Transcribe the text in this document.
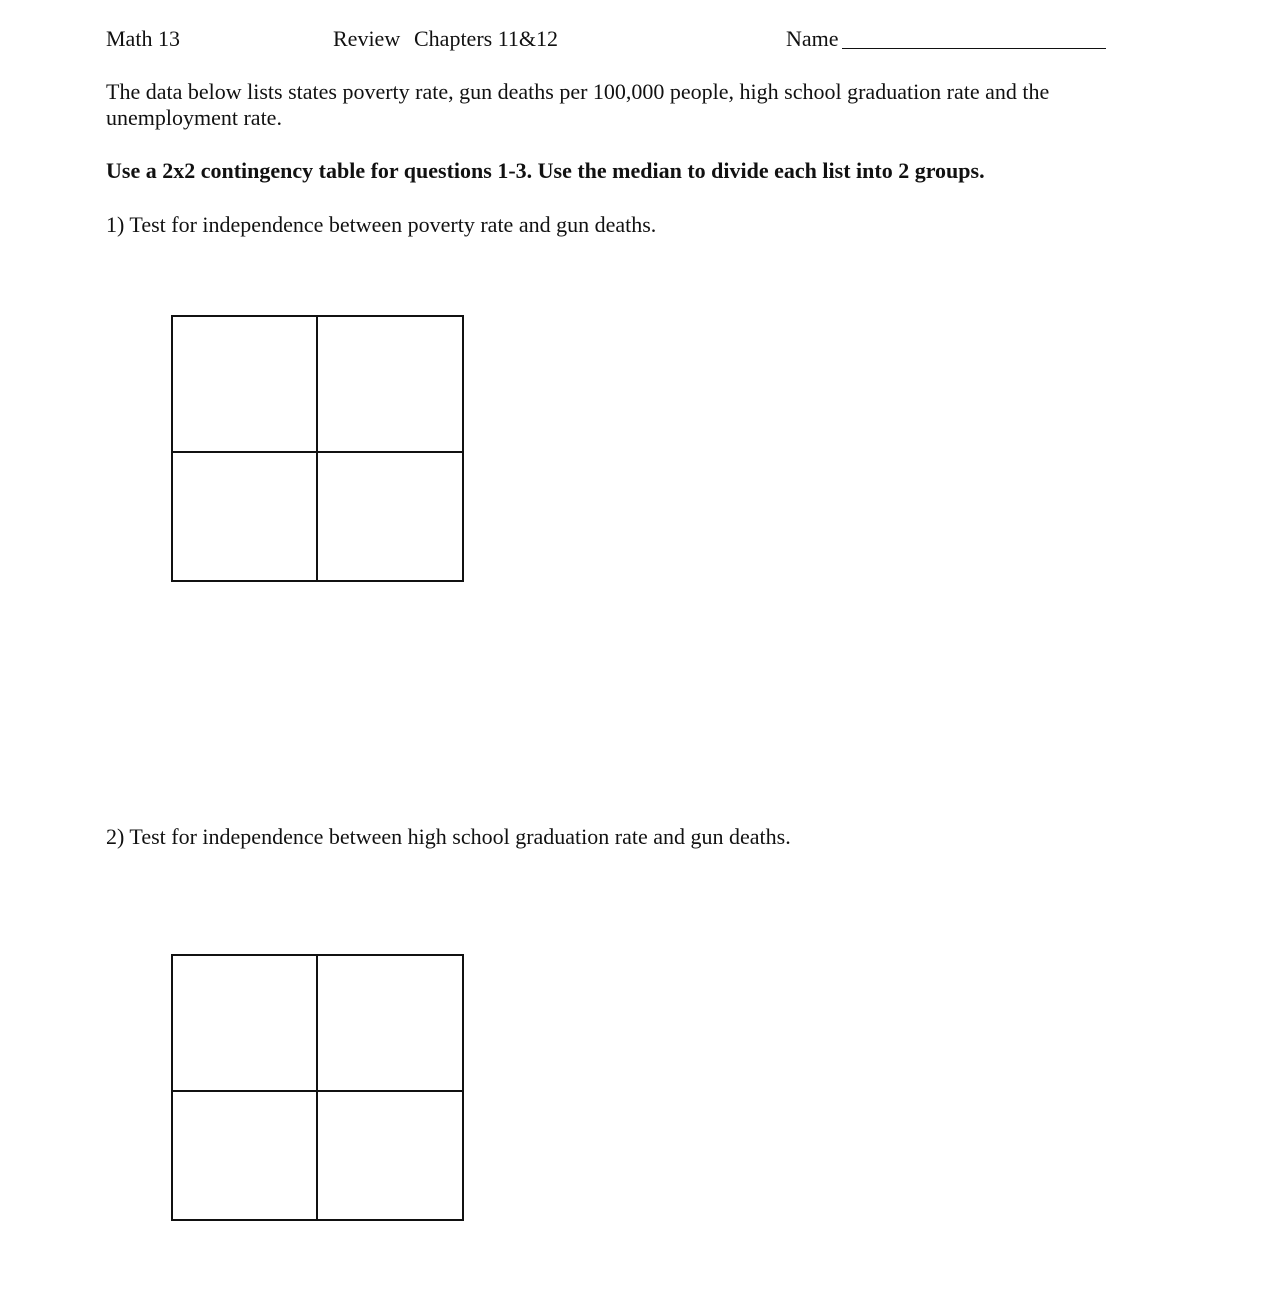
Math 13	Review Chapters 11&12	Name

The data below lists states poverty rate, gun deaths per 100,000 people, high school graduation rate and the unemployment rate.

Use a 2x2 contingency table for questions 1-3. Use the median to divide each list into 2 groups.
1) Test for independence between poverty rate and gun deaths.
2) Test for independence between high school graduation rate and gun deaths.
